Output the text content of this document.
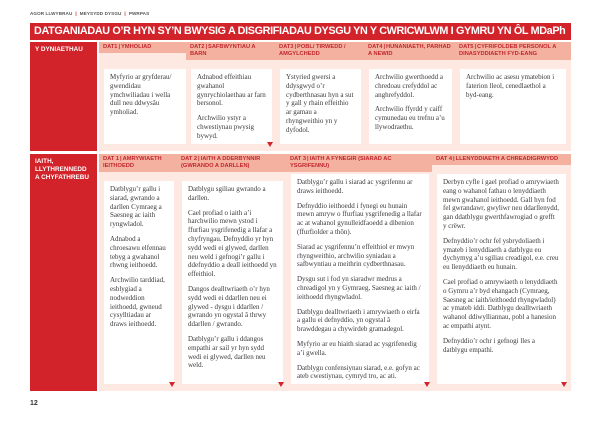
AGOR LLWYBRAU | MEYSYDD DYSGU | PWRPAS
DATGANIADAU O’R HYN SY’N BWYSIG A DISGRIFIADAU DYSGU YN Y CWRICWLWM I GYMRU YN ÔL MDaPh
Y DYNIAETHAU	DAT1|YMHOLIAD

Myfyrio ar gryfderau/ gwendidau ymchwiliadau i wella dull neu ddwysâu ymholiad.

DAT2|SAFBWYNTIAU A BARN

Adnabod effeithiau gwahanol gynrychiolaethau ar farn bersonol.

Archwilio ystyr a chwestiynau pwysig bywyd.

DAT3|POBL/ TIRWEDD / AMGYLCHEDD

Ystyried gwersi a ddysgwyd o’r cydberthnasau hyn a sut y gall y rhain effeithio ar gamau a rhyngweithio yn y dyfodol.

DAT4|HUNANIAETH, PARHAD A NEWID

Archwilio gwerthoedd a chredoau crefyddol ac anghrefyddol.

Archwilio ffyrdd y caiff cymunedau eu trefnu a’u llywodraethu.

DAT5|CYFRIFOLDEB PERSONOL A DINASYDDIAETH FYD-EANG

Archwilio ac asesu ymatebion i faterion lleol, cenedlaethol a byd-eang.

IAITH, LLYTHRENNEDD A CHYFATHREBU
DAT 1|AMRYWIAETH IEITHOEDD

Datblygu’r gallu i siarad, gwrando a darllen Cymraeg a Saesneg ac iaith ryngwladol.

Adnabod a chroesawu elfennau tebyg a gwahanol rhwng ieithoedd.

Archwilio tarddiad, esblygiad a nodweddion ieithoedd, gwneud cysylltiadau ar draws ieithoedd.

DAT 2|IAITH A DDERBYNNIR (GWRANDO A DARLLEN)

Datblygu sgiliau gwrando a darllen.

Cael profiad o iaith a’i harchwilio mewn ystod i ffurfiau ysgrifenedig a llafar a chyfryngau. Defnyddio yr hyn sydd wedi ei glywed, darllen neu weld i gefnogi’r gallu i ddefnyddio a deall ieithoedd yn effeithiol.

Dangos dealltwriaeth o’r hyn sydd wedi ei ddarllen neu ei glywed - dysgu i ddarllen / gwrando yn ogystal â thrwy ddarllen / gwrando.

Datblygu’r gallu i ddangos empathi ar sail yr hyn sydd wedi ei glywed, darllen neu weld.

DAT 3|IAITH A FYNEGIR (SIARAD AC YSGRIFENNU)

Datblygu’r gallu i siarad ac ysgrifennu ar draws ieithoedd.

Defnyddio ieithoedd i fynegi eu hunain mewn amryw o ffurfiau ysgrifenedig a llafar ac at wahanol gynulleidfaoedd a dibenion (ffurfiolder a thôn).

Siarad ac ysgrifennu’n effeithiol er mwyn rhyngweithio, archwilio syniadau a safbwyntiau a meithrin cydberthnasau.

Dysgu sut i fod yn siaradwr medrus a chreadigol yn y Gymraeg, Saesneg ac iaith / ieithoedd rhyngwladol.

Datblygu dealltwriaeth i amrywiaeth o eirfa a gallu ei defnyddio, yn ogystal â brawddegau a chywirdeb gramadegol.

Myfyrio ar eu hiaith siarad ac ysgrifenedig a’i gwella.

Datblygu confensiynau siarad, e.e. gofyn ac ateb cwestiynau, cymryd tro, ac ati.

DAT 4|LLENYDDIAETH A CHREADIGRWYDD

Derbyn cyfle i gael profiad o amrywiaeth eang o wahanol fathau o lenyddiaeth mewn gwahanol ieithoedd. Gall hyn fod fel gwrandawr, gwyliwr neu ddarllenydd, gan ddatblygu gwerthfawrogiad o grefft y crëwr.

Defnyddio’r ochr fel ysbrydoliaeth i ymateb i lenyddiaeth a datblygu eu dychymyg a’u sgiliau creadigol, e.e. creu eu llenyddiaeth eu hunain.

Cael profiad o amrywiaeth o lenyddiaeth o Gymru a’r byd ehangach (Cymraeg, Saesneg ac iaith/ieithoedd rhyngwladol) ac ymateb iddi. Datblygu dealltwriaeth wahanol ddiwylliannau, pobl a hanesion ac empathi atynt.

Defnyddio’r ochr i gefnogi lles a datblygu empathi.

12
